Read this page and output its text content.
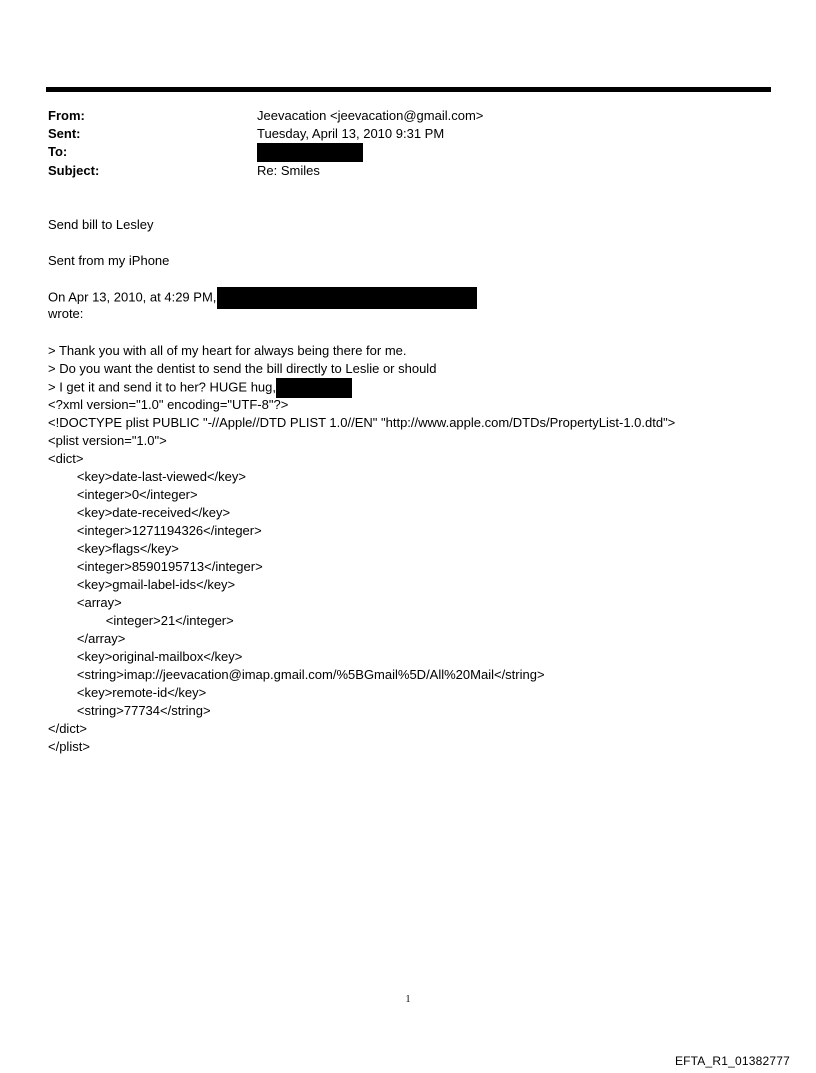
From:	Jeevacation <jeevacation@gmail.com>
Sent:	Tuesday, April 13, 2010 9:31 PM
To:
Subject:	Re: Smiles
Send bill to Lesley
Sent from my iPhone
On Apr 13, 2010, at 4:29 PM,
wrote:
> Thank you with all of my heart for always being there for me.
> Do you want the dentist to send the bill directly to Leslie or should
> I get it and send it to her? HUGE hug,
<?xml version="1.0" encoding="UTF-8"?>
<!DOCTYPE plist PUBLIC "-//Apple//DTD PLIST 1.0//EN" "http://www.apple.com/DTDs/PropertyList-1.0.dtd">
<plist version="1.0">
<dict>
<key>date-last-viewed</key>
<integer>0</integer>
<key>date-received</key>
<integer>1271194326</integer>
<key>flags</key>
<integer>8590195713</integer>
<key>gmail-label-ids</key>
<array>
<integer>21</integer>
</array>
<key>original-mailbox</key>
<string>imap://jeevacation@imap.gmail.com/%5BGmail%5D/All%20Mail</string>
<key>remote-id</key>
<string>77734</string>
</dict>
</plist>
1
EFTA_R1_01382777
